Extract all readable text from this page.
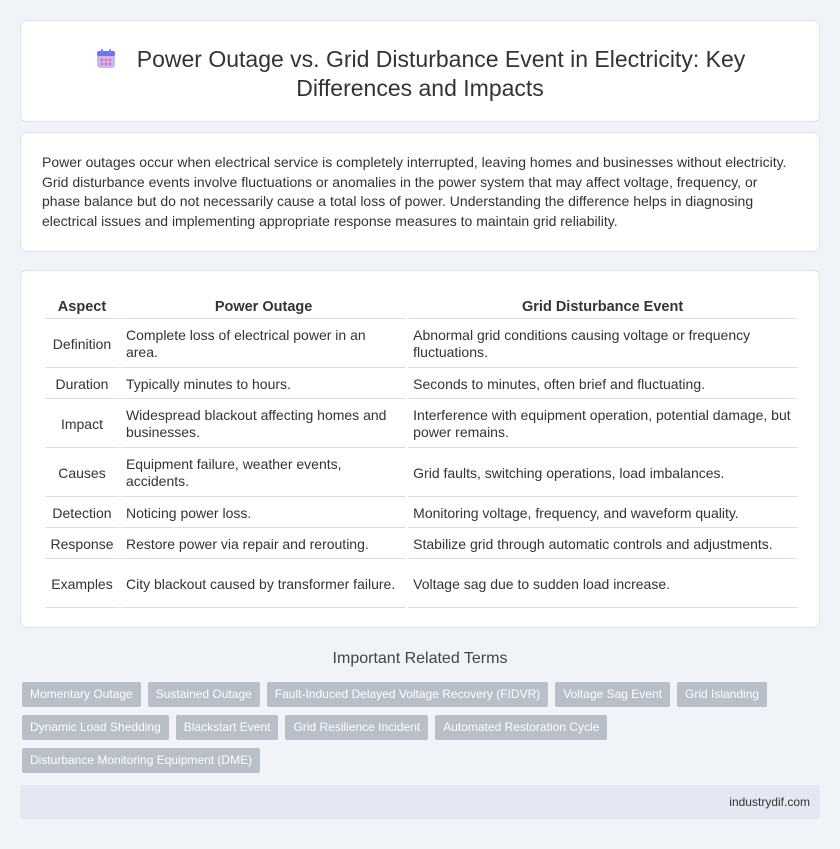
Power Outage vs. Grid Disturbance Event in Electricity: Key Differences and Impacts

Power outages occur when electrical service is completely interrupted, leaving homes and businesses without electricity. Grid disturbance events involve fluctuations or anomalies in the power system that may affect voltage, frequency, or phase balance but do not necessarily cause a total loss of power. Understanding the difference helps in diagnosing electrical issues and implementing appropriate response measures to maintain grid reliability.

Aspect	Power Outage	Grid Disturbance Event
Definition	Complete loss of electrical power in an area.	Abnormal grid conditions causing voltage or frequency fluctuations.
Duration	Typically minutes to hours.	Seconds to minutes, often brief and fluctuating.
Impact	Widespread blackout affecting homes and businesses.	Interference with equipment operation, potential damage, but power remains.
Causes	Equipment failure, weather events, accidents.	Grid faults, switching operations, load imbalances.
Detection	Noticing power loss.	Monitoring voltage, frequency, and waveform quality.
Response	Restore power via repair and rerouting.	Stabilize grid through automatic controls and adjustments.
Examples	City blackout caused by transformer failure.	Voltage sag due to sudden load increase.
Important Related Terms
Momentary Outage	Sustained Outage	Fault-Induced Delayed Voltage Recovery (FIDVR)	Voltage Sag Event	Grid Islanding
Dynamic Load Shedding	Blackstart Event	Grid Resilience Incident	Automated Restoration Cycle
Disturbance Monitoring Equipment (DME)
industrydif.com
